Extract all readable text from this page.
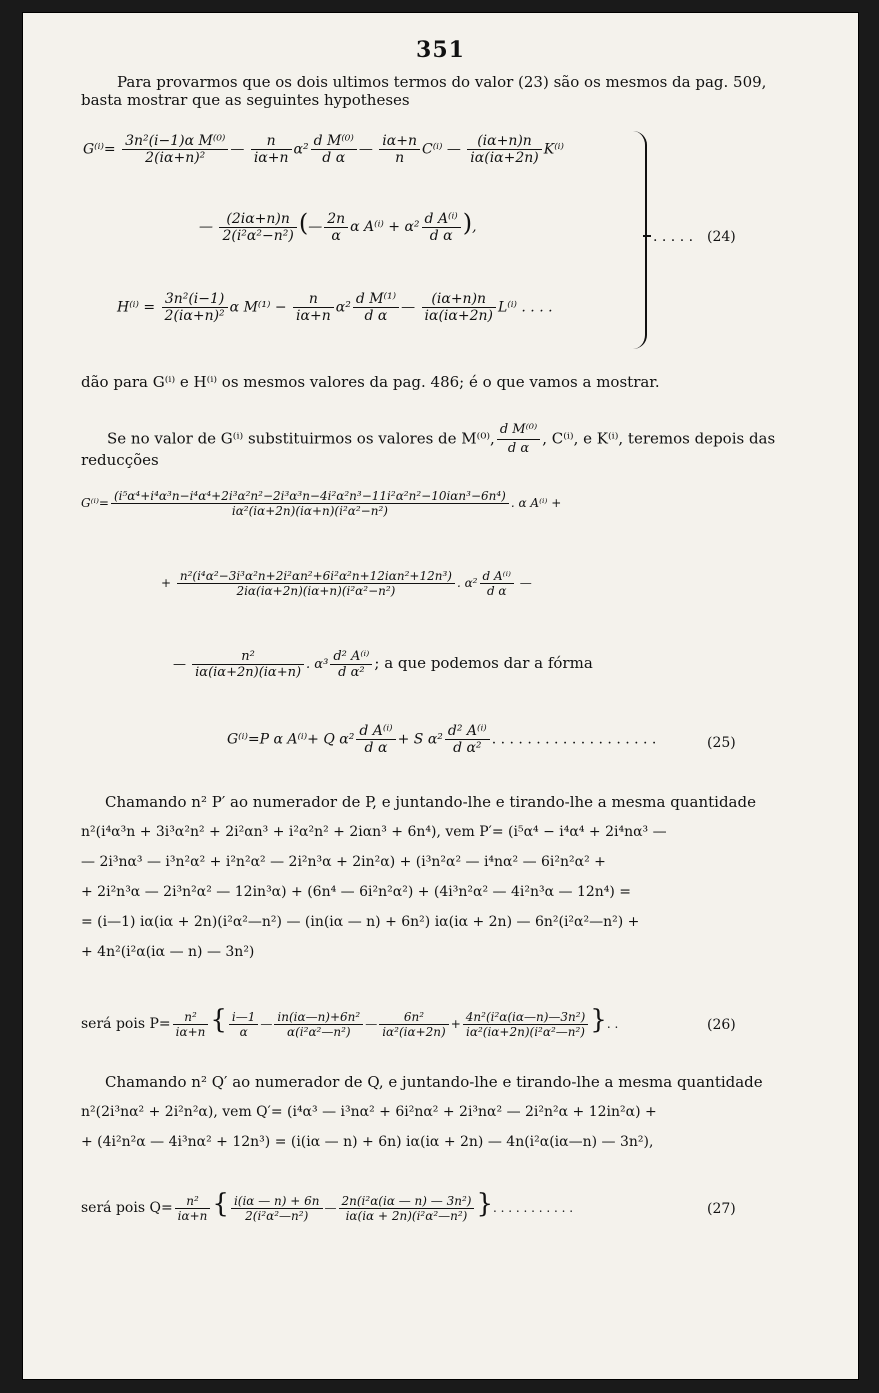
351
Para provarmos que os dois ultimos termos do valor (23) são os mesmos da pag. 509,
basta mostrar que as seguintes hypotheses
$G^{(i)}= \frac{\text{3n²(i−1)α M⁽⁰⁾}}{\text{2(iα+n)²}}$ — $\frac{n}{i\alpha+n} \alpha^2 \frac{\text{d M⁽⁰⁾}}{\text{d α}}$ — $\frac{i\alpha+n}{n} C^{(i)}$ — $\frac{(i\alpha+n)n}{i\alpha(i\alpha+2n)} K^{(i)}$
— $\frac{(2i\alpha+n)n}{\text{2(i²α²−n²)}}$ (— $\frac{2n}{\alpha}$ α $A^{(i)} + \alpha^2 \frac{\text{d A⁽ⁱ⁾}}{\text{d α}}$ ),
. . . . . (24)
$H^{(i)} = \frac{\text{3n²(i−1)}}{\text{2(iα+n)²}}$ α $M^{(1)} - \frac{n}{i\alpha+n} \alpha^2 \frac{\text{d M⁽¹⁾}}{\text{d α}}$ — $\frac{(i\alpha+n)n}{i\alpha(i\alpha+2n)} L^{(i)}$ . . . .
dão para G⁽ⁱ⁾ e H⁽ⁱ⁾ os mesmos valores da pag. 486; é o que vamos a mostrar.
Se no valor de G⁽ⁱ⁾ substituirmos os valores de M⁽⁰⁾, $\frac{\text{d M⁽⁰⁾}}{\text{d α}}$ , C⁽ⁱ⁾, e K⁽ⁱ⁾, teremos depois das
reducções
$G^{(i)}= \frac{\text{(i⁵α⁴+i⁴α³n−i⁴α⁴+2i³α²n²−2i³α³n−4i²α²n³−11i²α²n²−10iαn³−6n⁴)}}{\text{iα²(iα+2n)(iα+n)(i²α²−n²)}}$ . α A⁽ⁱ⁾ +
+ $\frac{\text{n²(i⁴α²−3i³α²n+2i²αn²+6i²α²n+12iαn²+12n³)}}{\text{2iα(iα+2n)(iα+n)(i²α²−n²)}}$ . $\alpha^2 \frac{\text{d A⁽ⁱ⁾}}{\text{d α}}$ —
— $\frac{\text{n²}}{i\alpha(i\alpha+2n)(i\alpha+n)}$ . $\alpha^3 \frac{\text{d² A⁽ⁱ⁾}}{\text{d α²}}$ ; a que podemos dar a fórma
G⁽ⁱ⁾=P α A⁽ⁱ⁾+ Q $\alpha^2 \frac{\text{d A⁽ⁱ⁾}}{\text{d α}} + S$ $\alpha^2 \frac{\text{d² A⁽ⁱ⁾}}{\text{d α²}}$ . . . . . . . . . . . . . . . . . . .	(25)
Chamando n² P′ ao numerador de P, e juntando-lhe e tirando-lhe a mesma quantidade
n²(i⁴α³n + 3i³α²n² + 2i²αn³ + i²α²n² + 2iαn³ + 6n⁴), vem P′= (i⁵α⁴ − i⁴α⁴ + 2i⁴nα³ —
— 2i³nα³ — i³n²α² + i²n²α² — 2i²n³α + 2in²α) + (i³n²α² — i⁴nα² — 6i²n²α² +
+ 2i²n³α — 2i³n²α² — 12in³α) + (6n⁴ — 6i²n²α²) + (4i³n²α² — 4i²n³α — 12n⁴) =
= (i—1) iα(iα + 2n)(i²α²—n²) — (in(iα — n) + 6n²) iα(iα + 2n) — 6n²(i²α²—n²) +
+ 4n²(i²α(iα — n) — 3n²)
será pois $P= \frac{\text{n²}}{i\alpha+n}$ { $\frac{i—1}{\alpha}$ — $\frac{\text{in(iα—n)+6n²}}{\text{α(i²α²—n²)}}$ — $\frac{\text{6n²}}{\text{iα²(iα+2n)}} + \frac{\text{4n²(i²α(iα—n)—3n²)}}{\text{iα²(iα+2n)(i²α²—n²)}}$ }. .	(26)
Chamando n² Q′ ao numerador de Q, e juntando-lhe e tirando-lhe a mesma quantidade
n²(2i³nα² + 2i²n²α), vem Q′= (i⁴α³ — i³nα² + 6i²nα² + 2i³nα² — 2i²n²α + 12in²α) +
+ (4i²n²α — 4i³nα² + 12n³) = (i(iα — n) + 6n) iα(iα + 2n) — 4n(i²α(iα—n) — 3n²),
será pois $Q= \frac{\text{n²}}{i\alpha+n}$ { $\frac{i(i\alpha — n) + 6n}{\text{2(i²α²—n²)}}$ — $\frac{\text{2n(i²α(iα — n) — 3n²)}}{\text{iα(iα + 2n)(i²α²—n²)}}$ }. . . . . . . . . . .	(27)
